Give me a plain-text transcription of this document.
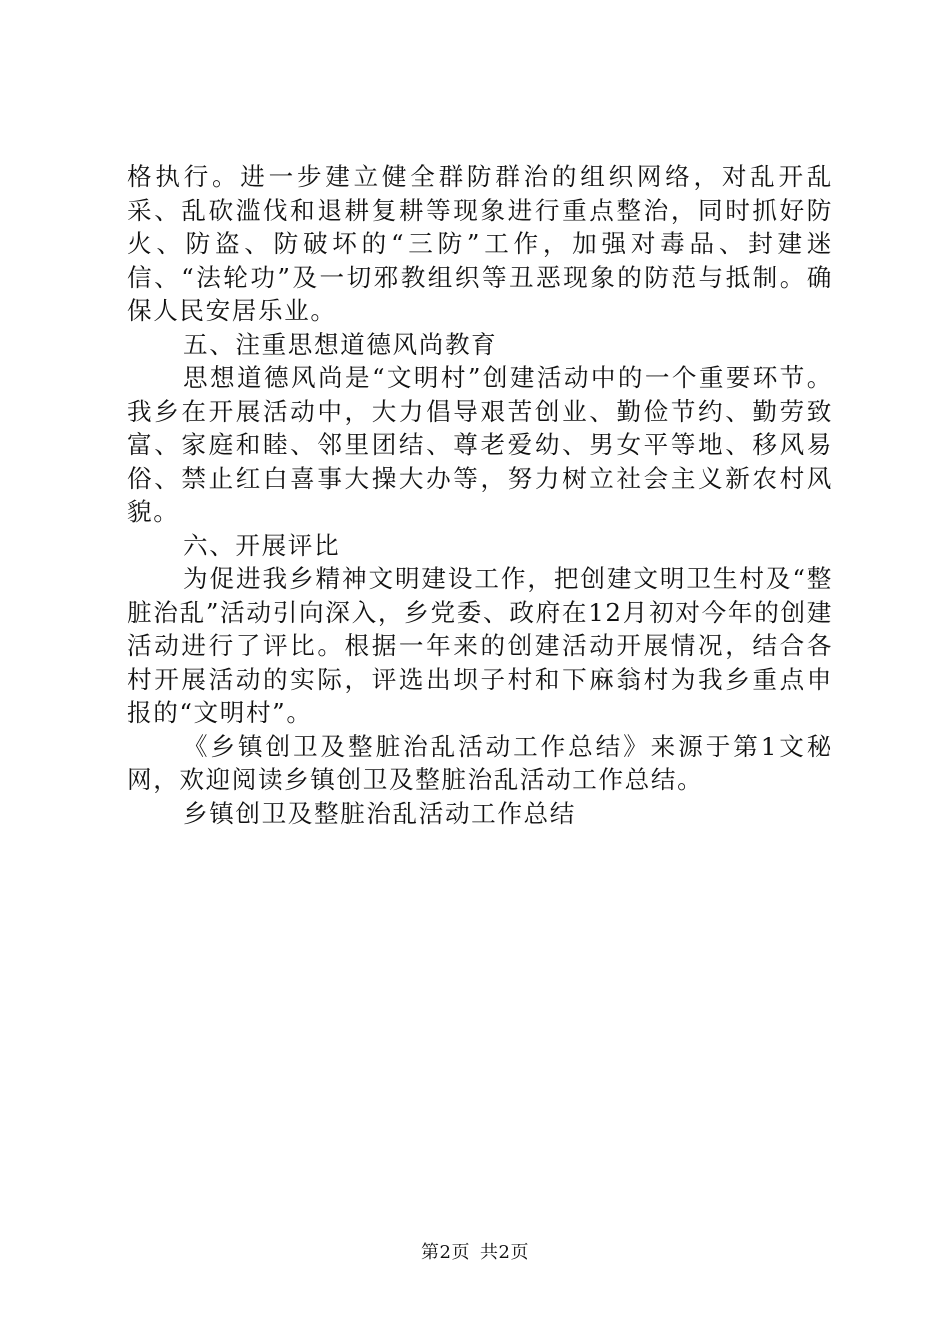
格执行。进一步建立健全群防群治的组织网络，对乱开乱采、乱砍滥伐和退耕复耕等现象进行重点整治，同时抓好防火、防盗、防破坏的“三防”工作，加强对毒品、封建迷信、“法轮功”及一切邪教组织等丑恶现象的防范与抵制。确保人民安居乐业。

五、注重思想道德风尚教育

思想道德风尚是“文明村”创建活动中的一个重要环节。我乡在开展活动中，大力倡导艰苦创业、勤俭节约、勤劳致富、家庭和睦、邻里团结、尊老爱幼、男女平等地、移风易俗、禁止红白喜事大操大办等，努力树立社会主义新农村风貌。

六、开展评比

为促进我乡精神文明建设工作，把创建文明卫生村及“整脏治乱”活动引向深入，乡党委、政府在12月初对今年的创建活动进行了评比。根据一年来的创建活动开展情况，结合各村开展活动的实际，评选出坝子村和下麻翁村为我乡重点申报的“文明村”。

《乡镇创卫及整脏治乱活动工作总结》来源于第1文秘网，欢迎阅读乡镇创卫及整脏治乱活动工作总结。

乡镇创卫及整脏治乱活动工作总结

第2页 共2页
